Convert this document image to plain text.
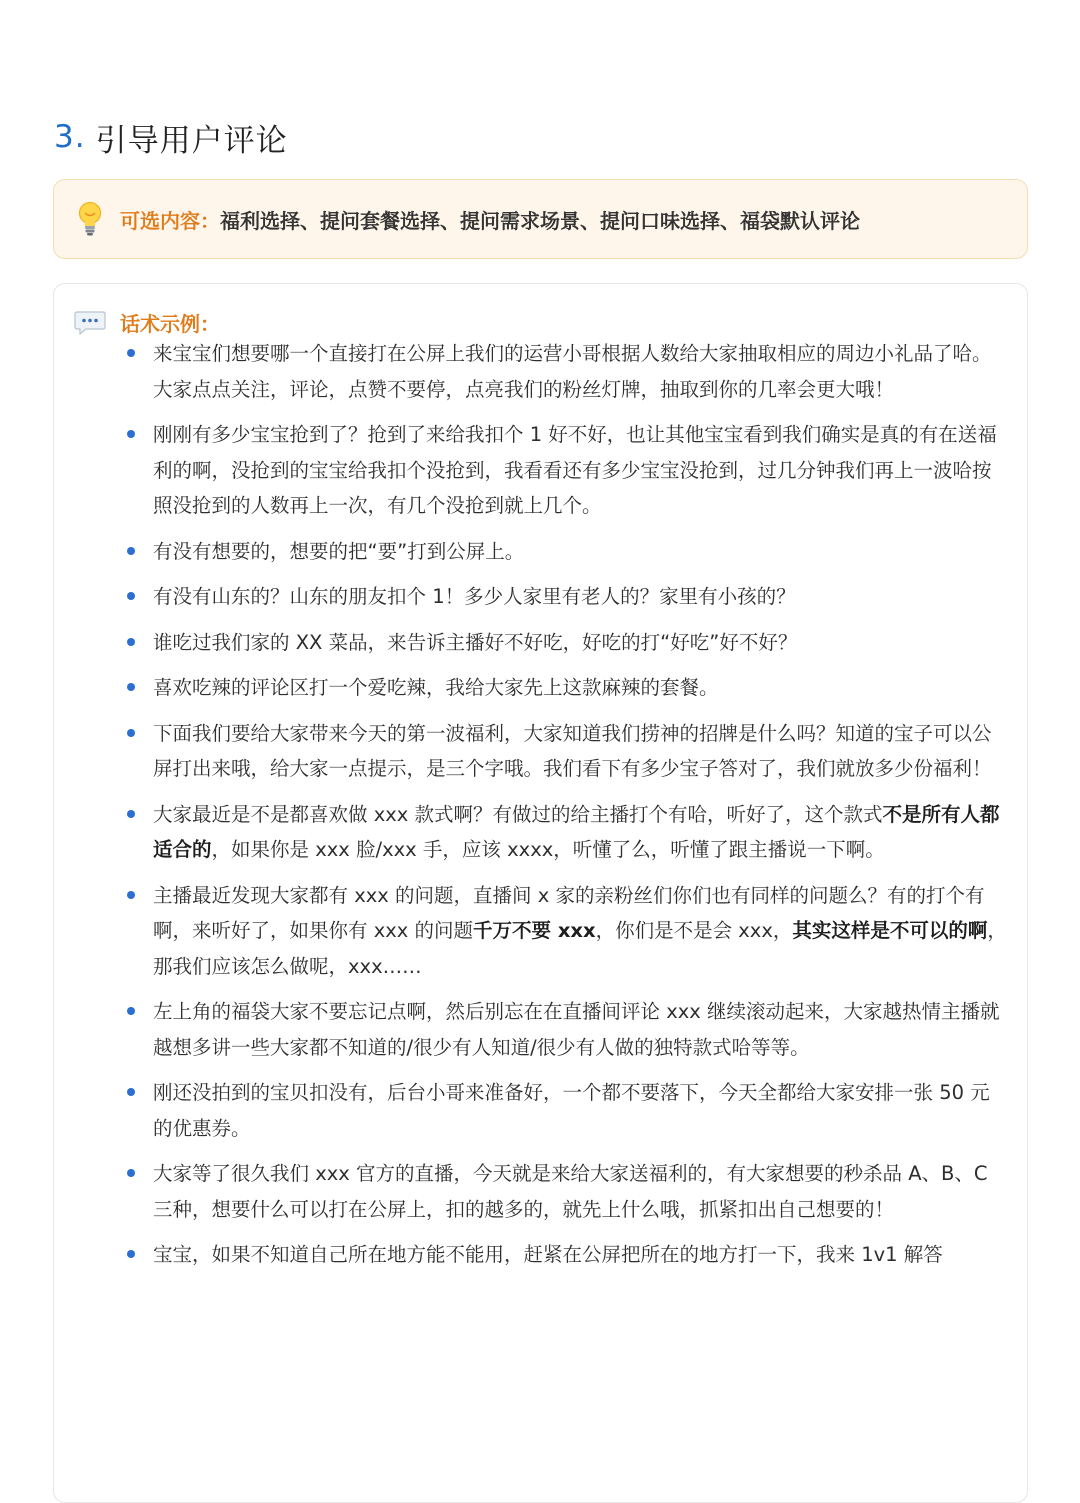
3. 引导用户评论
可选内容： 福利选择、提问套餐选择、提问需求场景、提问口味选择、福袋默认评论
话术示例：
来宝宝们想要哪一个直接打在公屏上我们的运营小哥根据人数给大家抽取相应的周边小礼品了哈。大家点点关注，评论，点赞不要停，点亮我们的粉丝灯牌，抽取到你的几率会更大哦！
刚刚有多少宝宝抢到了？抢到了来给我扣个 1 好不好，也让其他宝宝看到我们确实是真的有在送福利的啊，没抢到的宝宝给我扣个没抢到，我看看还有多少宝宝没抢到，过几分钟我们再上一波哈按照没抢到的人数再上一次，有几个没抢到就上几个。
有没有想要的，想要的把“要”打到公屏上。
有没有山东的？山东的朋友扣个 1！多少人家里有老人的？家里有小孩的？
谁吃过我们家的 XX 菜品，来告诉主播好不好吃，好吃的打“好吃”好不好？
喜欢吃辣的评论区打一个爱吃辣，我给大家先上这款麻辣的套餐。
下面我们要给大家带来今天的第一波福利，大家知道我们捞神的招牌是什么吗？知道的宝子可以公屏打出来哦，给大家一点提示，是三个字哦。我们看下有多少宝子答对了，我们就放多少份福利！
大家最近是不是都喜欢做 xxx 款式啊？有做过的给主播打个有哈，听好了，这个款式不是所有人都适合的，如果你是 xxx 脸/xxx 手，应该 xxxx，听懂了么，听懂了跟主播说一下啊。
主播最近发现大家都有 xxx 的问题，直播间 x 家的亲粉丝们你们也有同样的问题么？有的打个有啊，来听好了，如果你有 xxx 的问题千万不要 xxx，你们是不是会 xxx，其实这样是不可以的啊，那我们应该怎么做呢，xxx……
左上角的福袋大家不要忘记点啊，然后别忘在在直播间评论 xxx 继续滚动起来，大家越热情主播就越想多讲一些大家都不知道的/很少有人知道/很少有人做的独特款式哈等等。
刚还没拍到的宝贝扣没有，后台小哥来准备好，一个都不要落下，今天全都给大家安排一张 50 元的优惠券。
大家等了很久我们 xxx 官方的直播，今天就是来给大家送福利的，有大家想要的秒杀品 A、B、C 三种，想要什么可以打在公屏上，扣的越多的，就先上什么哦，抓紧扣出自己想要的！
宝宝，如果不知道自己所在地方能不能用，赶紧在公屏把所在的地方打一下，我来 1v1 解答
